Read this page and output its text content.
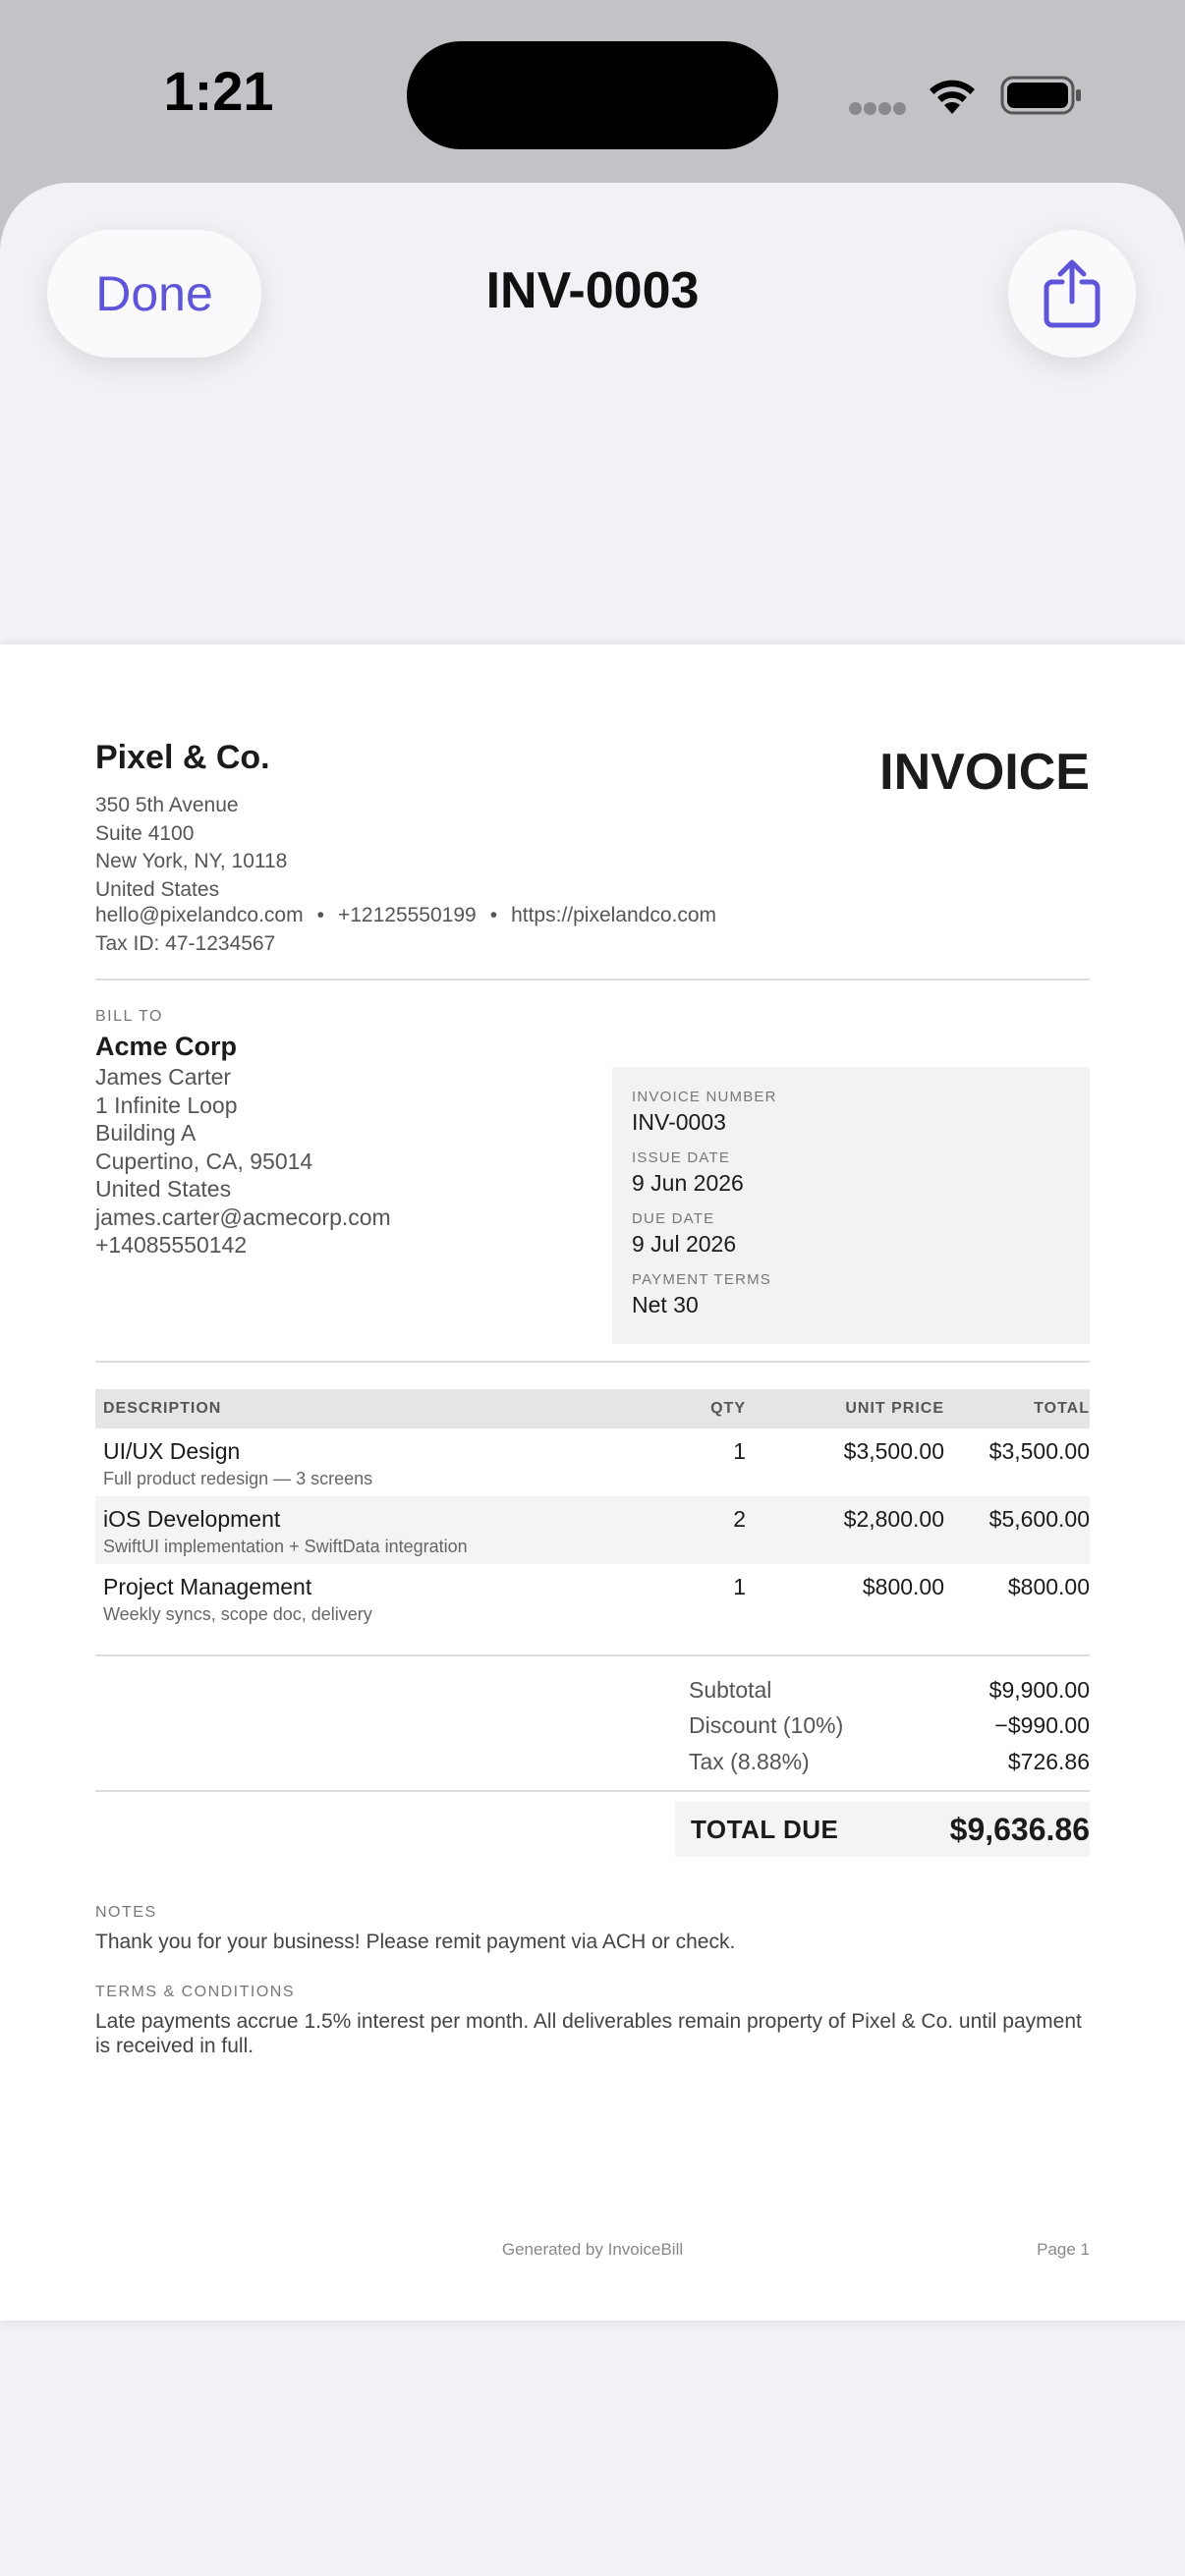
1:21
Done	INV-0003
Pixel & Co.
350 5th Avenue
Suite 4100
New York, NY, 10118
United States
hello@pixelandco.com • +12125550199 • https://pixelandco.com
Tax ID: 47-1234567
INVOICE
BILL TO
Acme Corp
James Carter
1 Infinite Loop
Building A
Cupertino, CA, 95014
United States
james.carter@acmecorp.com
+14085550142
INVOICE NUMBER
INV-0003
ISSUE DATE
9 Jun 2026
DUE DATE
9 Jul 2026
PAYMENT TERMS
Net 30
DESCRIPTION	QTY	UNIT PRICE	TOTAL
UI/UX Design
Full product redesign — 3 screens
1	$3,500.00	$3,500.00
iOS Development
SwiftUI implementation + SwiftData integration
2	$2,800.00	$5,600.00
Project Management
Weekly syncs, scope doc, delivery
1	$800.00	$800.00
Subtotal	$9,900.00
Discount (10%)	−$990.00
Tax (8.88%)	$726.86
TOTAL DUE	$9,636.86
NOTES
Thank you for your business! Please remit payment via ACH or check.
TERMS & CONDITIONS
Late payments accrue 1.5% interest per month. All deliverables remain property of Pixel & Co. until payment is received in full.
Generated by InvoiceBill	Page 1
